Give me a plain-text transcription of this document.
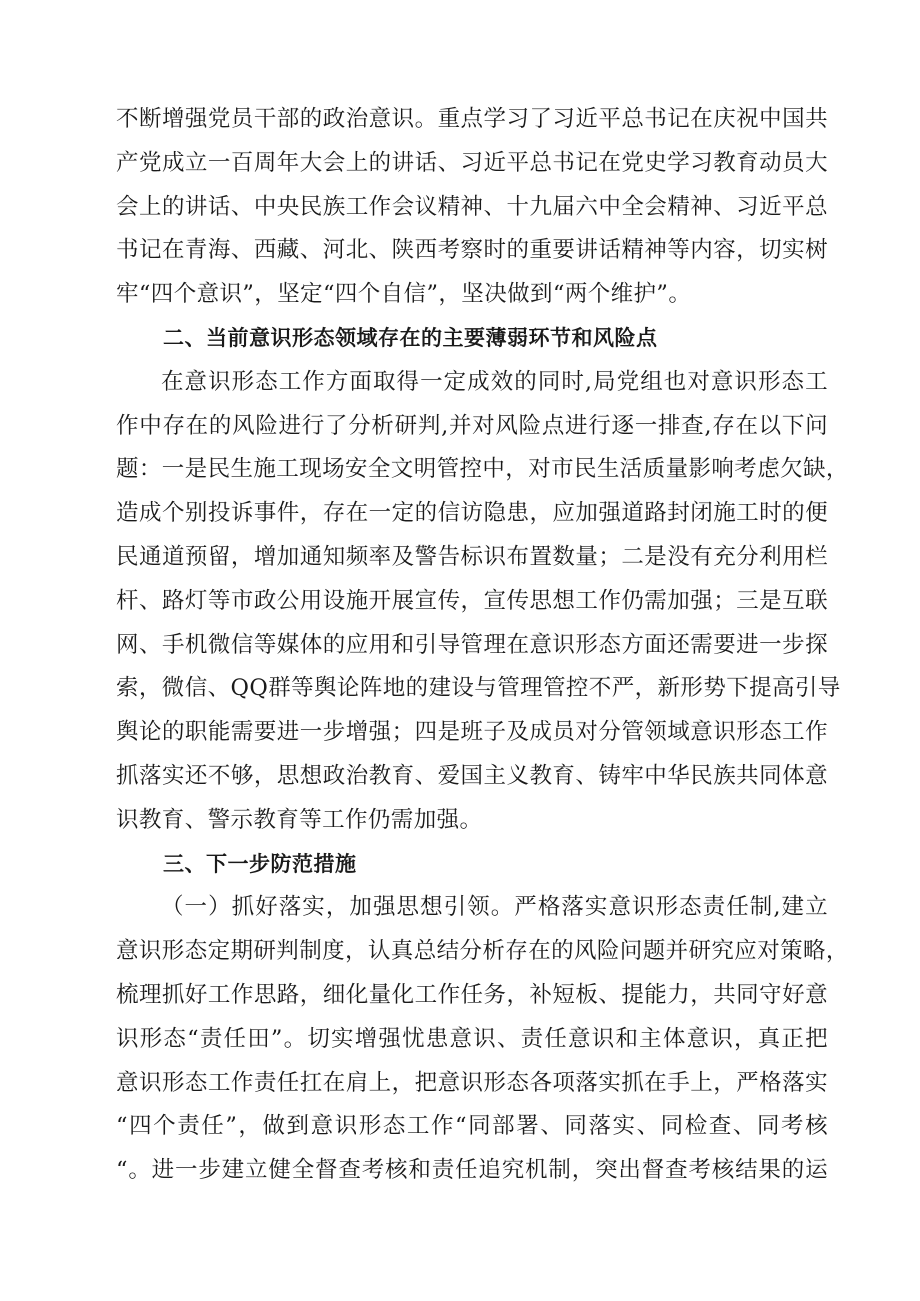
不断增强党员干部的政治意识。重点学习了习近平总书记在庆祝中国共
产党成立一百周年大会上的讲话、习近平总书记在党史学习教育动员大
会上的讲话、中央民族工作会议精神、十九届六中全会精神、习近平总
书记在青海、西藏、河北、陕西考察时的重要讲话精神等内容，切实树
牢“四个意识”，坚定“四个自信”，坚决做到“两个维护”。
二、当前意识形态领域存在的主要薄弱环节和风险点
在意识形态工作方面取得一定成效的同时,局党组也对意识形态工
作中存在的风险进行了分析研判,并对风险点进行逐一排查,存在以下问
题：一是民生施工现场安全文明管控中，对市民生活质量影响考虑欠缺，
造成个别投诉事件，存在一定的信访隐患，应加强道路封闭施工时的便
民通道预留，增加通知频率及警告标识布置数量；二是没有充分利用栏
杆、路灯等市政公用设施开展宣传，宣传思想工作仍需加强；三是互联
网、手机微信等媒体的应用和引导管理在意识形态方面还需要进一步探
索，微信、QQ群等舆论阵地的建设与管理管控不严，新形势下提高引导
舆论的职能需要进一步增强；四是班子及成员对分管领域意识形态工作
抓落实还不够，思想政治教育、爱国主义教育、铸牢中华民族共同体意
识教育、警示教育等工作仍需加强。
三、下一步防范措施
（一）抓好落实，加强思想引领。严格落实意识形态责任制,建立
意识形态定期研判制度，认真总结分析存在的风险问题并研究应对策略，
梳理抓好工作思路，细化量化工作任务，补短板、提能力，共同守好意
识形态“责任田”。切实增强忧患意识、责任意识和主体意识，真正把
意识形态工作责任扛在肩上，把意识形态各项落实抓在手上，严格落实
“四个责任”，做到意识形态工作“同部署、同落实、同检查、同考核
“。进一步建立健全督查考核和责任追究机制，突出督查考核结果的运
